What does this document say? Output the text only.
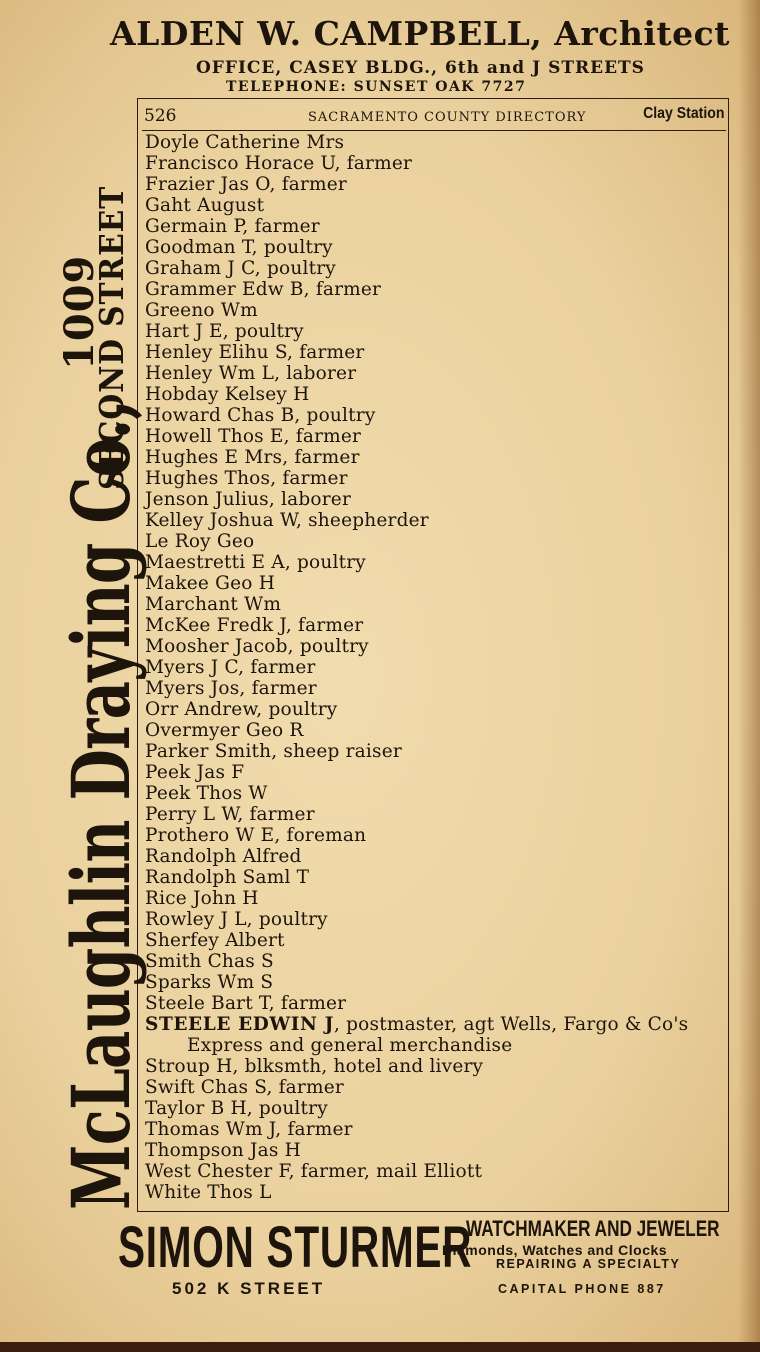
ALDEN W. CAMPBELL, Architect
OFFICE, CASEY BLDG., 6th and J STREETS
TELEPHONE: SUNSET OAK 7727
526	SACRAMENTO COUNTY DIRECTORY	Clay Station
Doyle Catherine Mrs
Francisco Horace U, farmer
Frazier Jas O, farmer
Gaht August
Germain P, farmer
Goodman T, poultry
Graham J C, poultry
Grammer Edw B, farmer
Greeno Wm
Hart J E, poultry
Henley Elihu S, farmer
Henley Wm L, laborer
Hobday Kelsey H
Howard Chas B, poultry
Howell Thos E, farmer
Hughes E Mrs, farmer
Hughes Thos, farmer
Jenson Julius, laborer
Kelley Joshua W, sheepherder
Le Roy Geo
Maestretti E A, poultry
Makee Geo H
Marchant Wm
McKee Fredk J, farmer
Moosher Jacob, poultry
Myers J C, farmer
Myers Jos, farmer
Orr Andrew, poultry
Overmyer Geo R
Parker Smith, sheep raiser
Peek Jas F
Peek Thos W
Perry L W, farmer
Prothero W E, foreman
Randolph Alfred
Randolph Saml T
Rice John H
Rowley J L, poultry
Sherfey Albert
Smith Chas S
Sparks Wm S
Steele Bart T, farmer
STEELE EDWIN J, postmaster, agt Wells, Fargo & Co's
Express and general merchandise
Stroup H, blksmth, hotel and livery
Swift Chas S, farmer
Taylor B H, poultry
Thomas Wm J, farmer
Thompson Jas H
West Chester F, farmer, mail Elliott
White Thos L
McLaughlin Draying Co.,
SECOND STREET
1009
SIMON STURMER
WATCHMAKER AND JEWELER
Diamonds, Watches and Clocks
REPAIRING A SPECIALTY
502 K STREET	CAPITAL PHONE 887
